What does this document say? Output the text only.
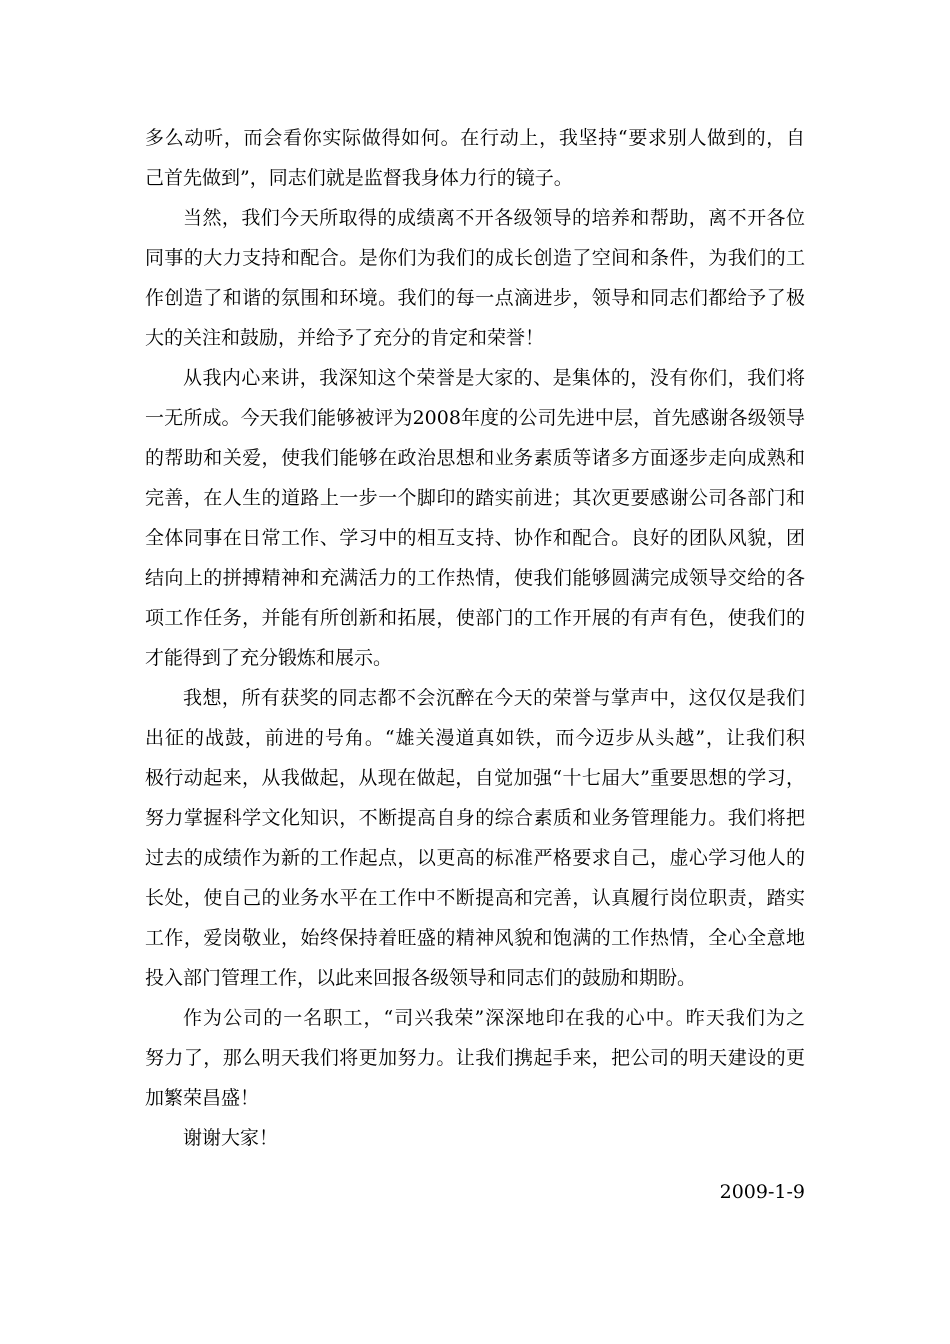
多么动听，而会看你实际做得如何。在行动上，我坚持“要求别人做到的，自
己首先做到”，同志们就是监督我身体力行的镜子。
当然，我们今天所取得的成绩离不开各级领导的培养和帮助，离不开各位
同事的大力支持和配合。是你们为我们的成长创造了空间和条件，为我们的工
作创造了和谐的氛围和环境。我们的每一点滴进步，领导和同志们都给予了极
大的关注和鼓励，并给予了充分的肯定和荣誉！
从我内心来讲，我深知这个荣誉是大家的、是集体的，没有你们，我们将
一无所成。今天我们能够被评为2008年度的公司先进中层，首先感谢各级领导
的帮助和关爱，使我们能够在政治思想和业务素质等诸多方面逐步走向成熟和
完善，在人生的道路上一步一个脚印的踏实前进；其次更要感谢公司各部门和
全体同事在日常工作、学习中的相互支持、协作和配合。良好的团队风貌，团
结向上的拼搏精神和充满活力的工作热情，使我们能够圆满完成领导交给的各
项工作任务，并能有所创新和拓展，使部门的工作开展的有声有色，使我们的
才能得到了充分锻炼和展示。
我想，所有获奖的同志都不会沉醉在今天的荣誉与掌声中，这仅仅是我们
出征的战鼓，前进的号角。“雄关漫道真如铁，而今迈步从头越”，让我们积
极行动起来，从我做起，从现在做起，自觉加强“十七届大”重要思想的学习，
努力掌握科学文化知识，不断提高自身的综合素质和业务管理能力。我们将把
过去的成绩作为新的工作起点，以更高的标准严格要求自己，虚心学习他人的
长处，使自己的业务水平在工作中不断提高和完善，认真履行岗位职责，踏实
工作，爱岗敬业，始终保持着旺盛的精神风貌和饱满的工作热情，全心全意地
投入部门管理工作，以此来回报各级领导和同志们的鼓励和期盼。
作为公司的一名职工，“司兴我荣”深深地印在我的心中。昨天我们为之
努力了，那么明天我们将更加努力。让我们携起手来，把公司的明天建设的更
加繁荣昌盛！
谢谢大家！
2009-1-9
